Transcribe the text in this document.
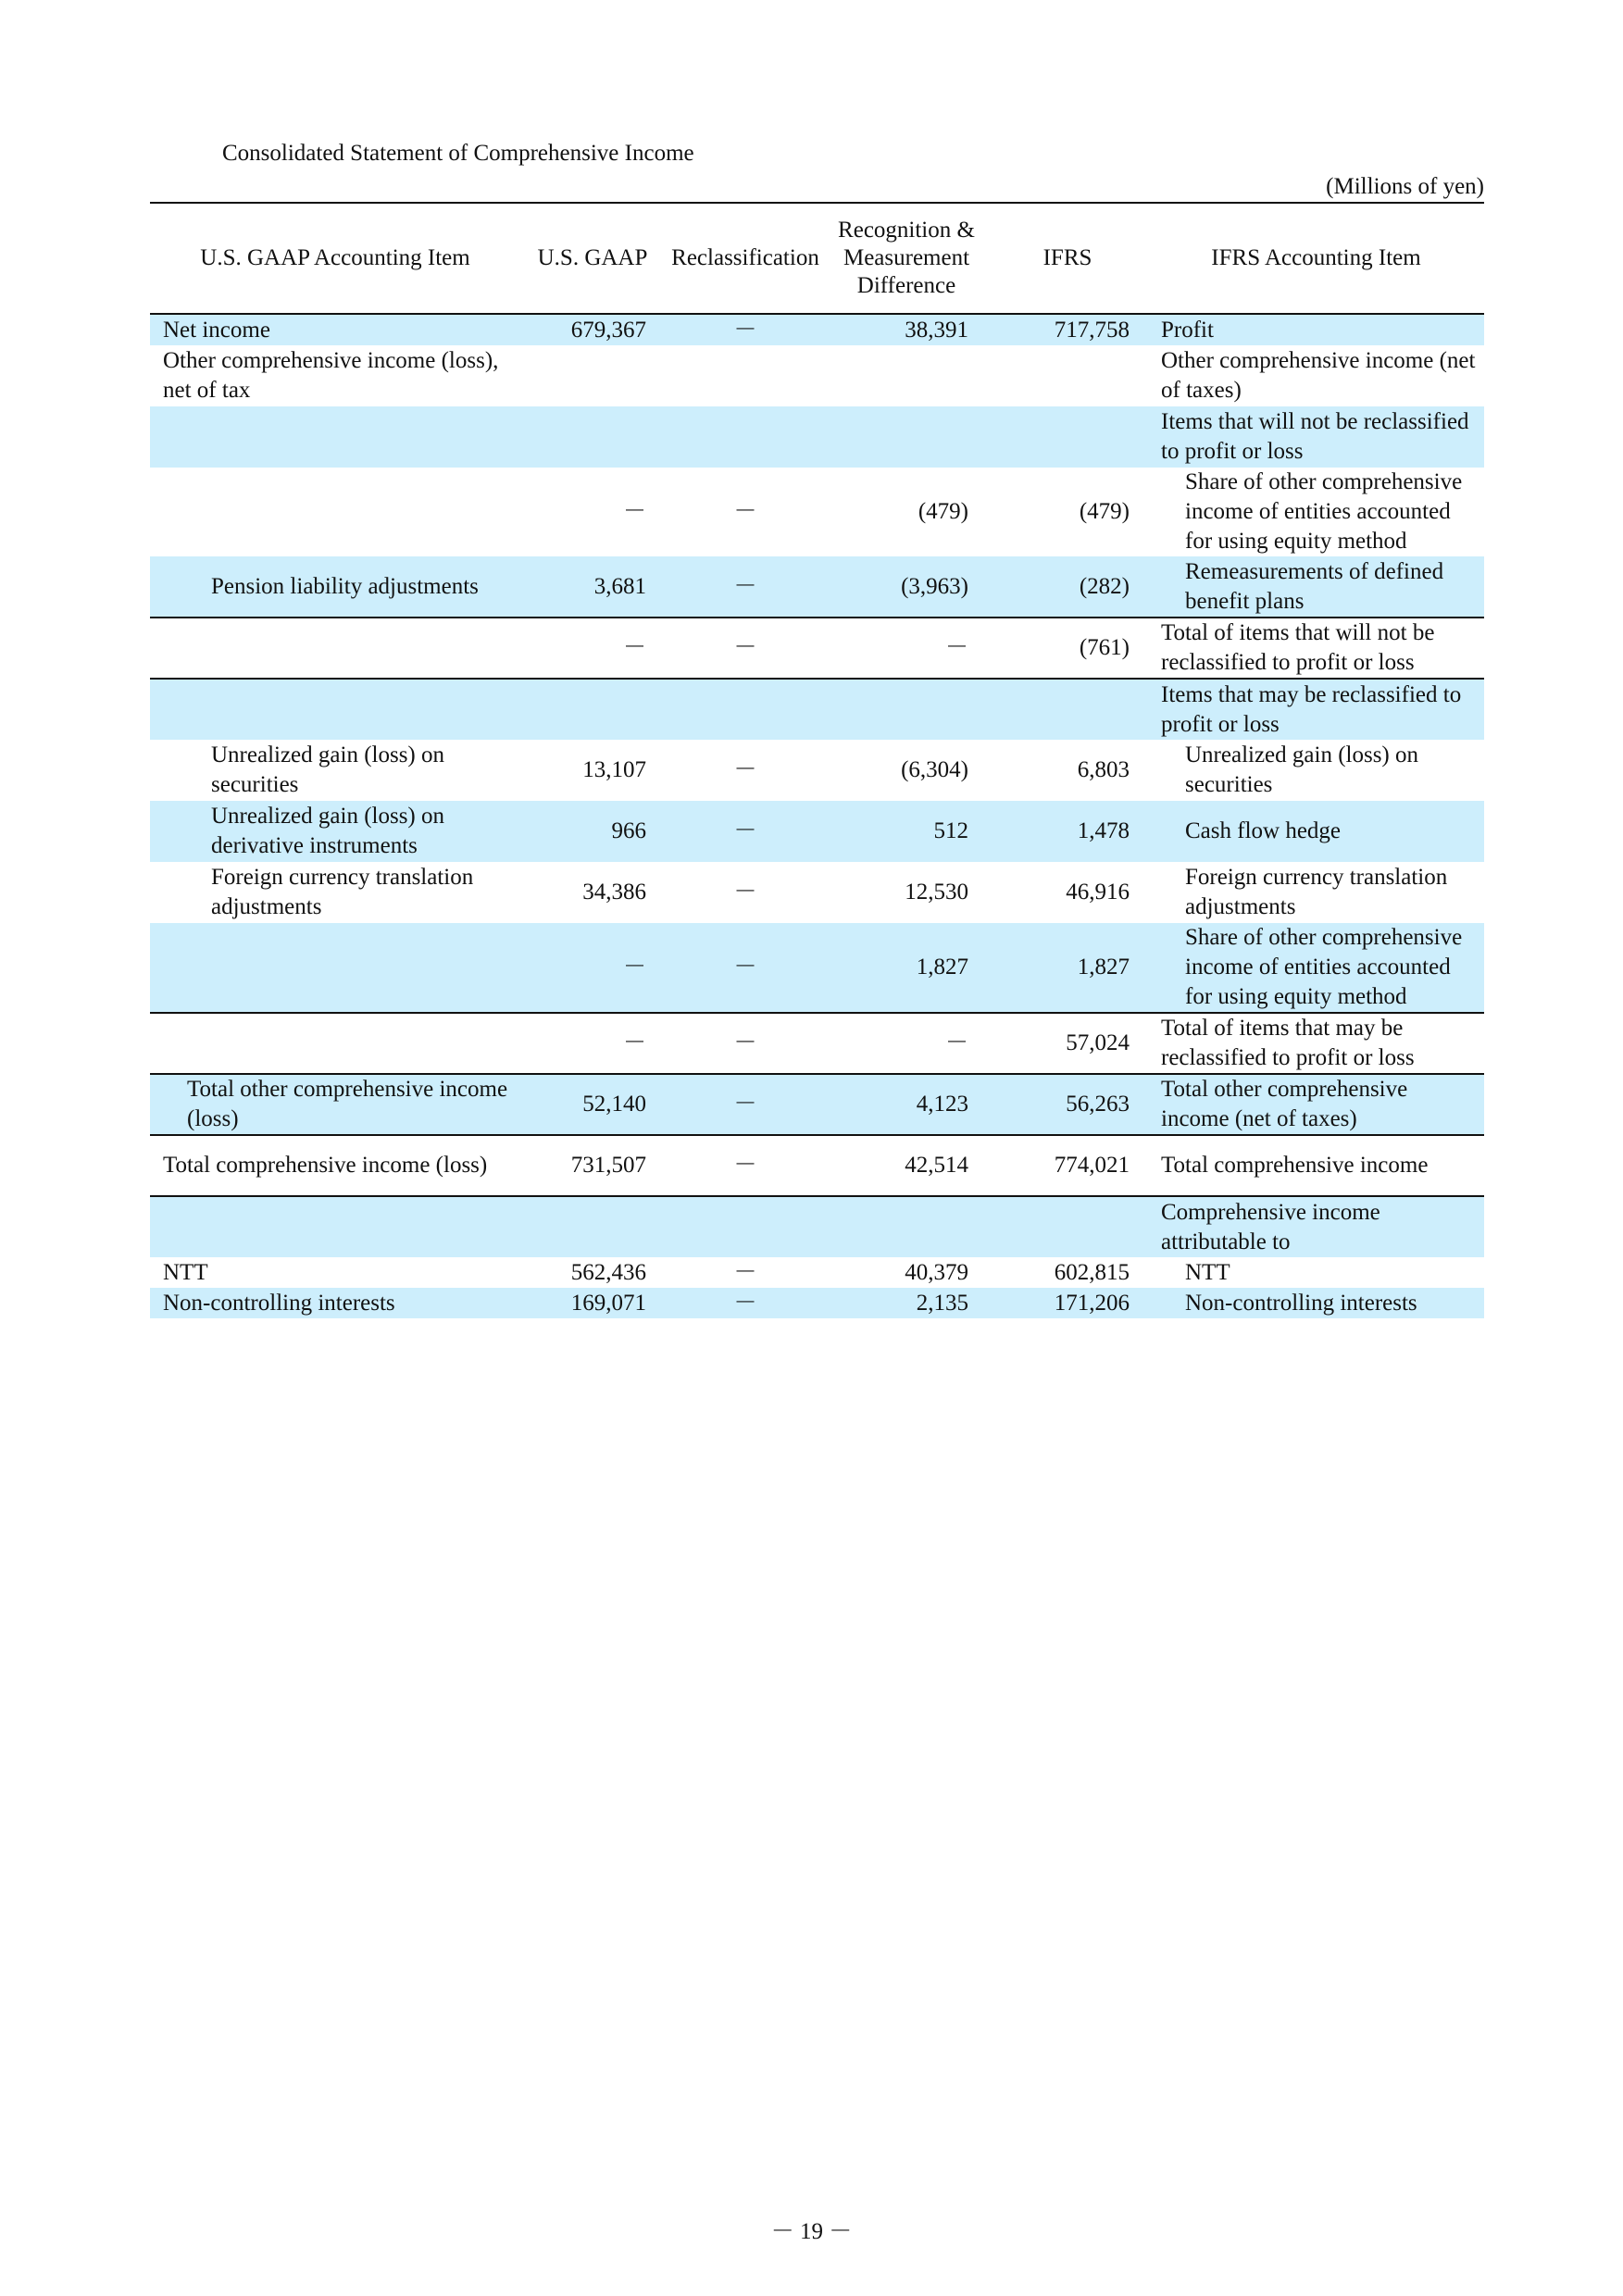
Consolidated Statement of Comprehensive Income
(Millions of yen)
U.S. GAAP Accounting Item	U.S. GAAP	Reclassification	Recognition & Measurement Difference	IFRS	IFRS Accounting Item
Net income	679,367	－	38,391	717,758	Profit
Other comprehensive income (loss), net of tax					Other comprehensive income (net of taxes)
					Items that will not be reclassified to profit or loss
	－	－	(479)	(479)	Share of other comprehensive income of entities accounted for using equity method
Pension liability adjustments	3,681	－	(3,963)	(282)	Remeasurements of defined benefit plans
	－	－	－	(761)	Total of items that will not be reclassified to profit or loss
					Items that may be reclassified to profit or loss
Unrealized gain (loss) on securities	13,107	－	(6,304)	6,803	Unrealized gain (loss) on securities
Unrealized gain (loss) on derivative instruments	966	－	512	1,478	Cash flow hedge
Foreign currency translation adjustments	34,386	－	12,530	46,916	Foreign currency translation adjustments
	－	－	1,827	1,827	Share of other comprehensive income of entities accounted for using equity method
	－	－	－	57,024	Total of items that may be reclassified to profit or loss
Total other comprehensive income (loss)	52,140	－	4,123	56,263	Total other comprehensive income (net of taxes)
Total comprehensive income (loss)	731,507	－	42,514	774,021	Total comprehensive income
					Comprehensive income attributable to
NTT	562,436	－	40,379	602,815	NTT
Non-controlling interests	169,071	－	2,135	171,206	Non-controlling interests
－ 19 －
